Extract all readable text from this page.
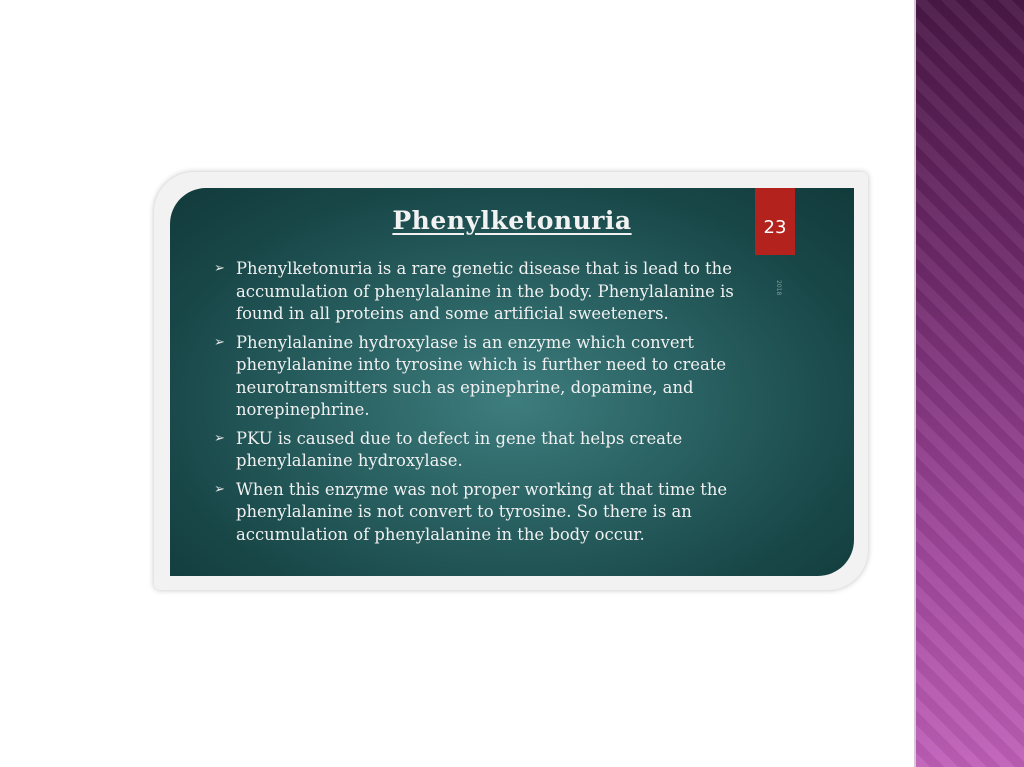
Phenylketonuria	23
2018
➢ Phenylketonuria is a rare genetic disease that is lead to the accumulation of phenylalanine in the body. Phenylalanine is found in all proteins and some artificial sweeteners.
➢ Phenylalanine hydroxylase is an enzyme which convert phenylalanine into tyrosine which is further need to create neurotransmitters such as epinephrine, dopamine, and norepinephrine.
➢ PKU is caused due to defect in gene that helps create phenylalanine hydroxylase.
➢ When this enzyme was not proper working at that time the phenylalanine is not convert to tyrosine. So there is an accumulation of phenylalanine in the body occur.
